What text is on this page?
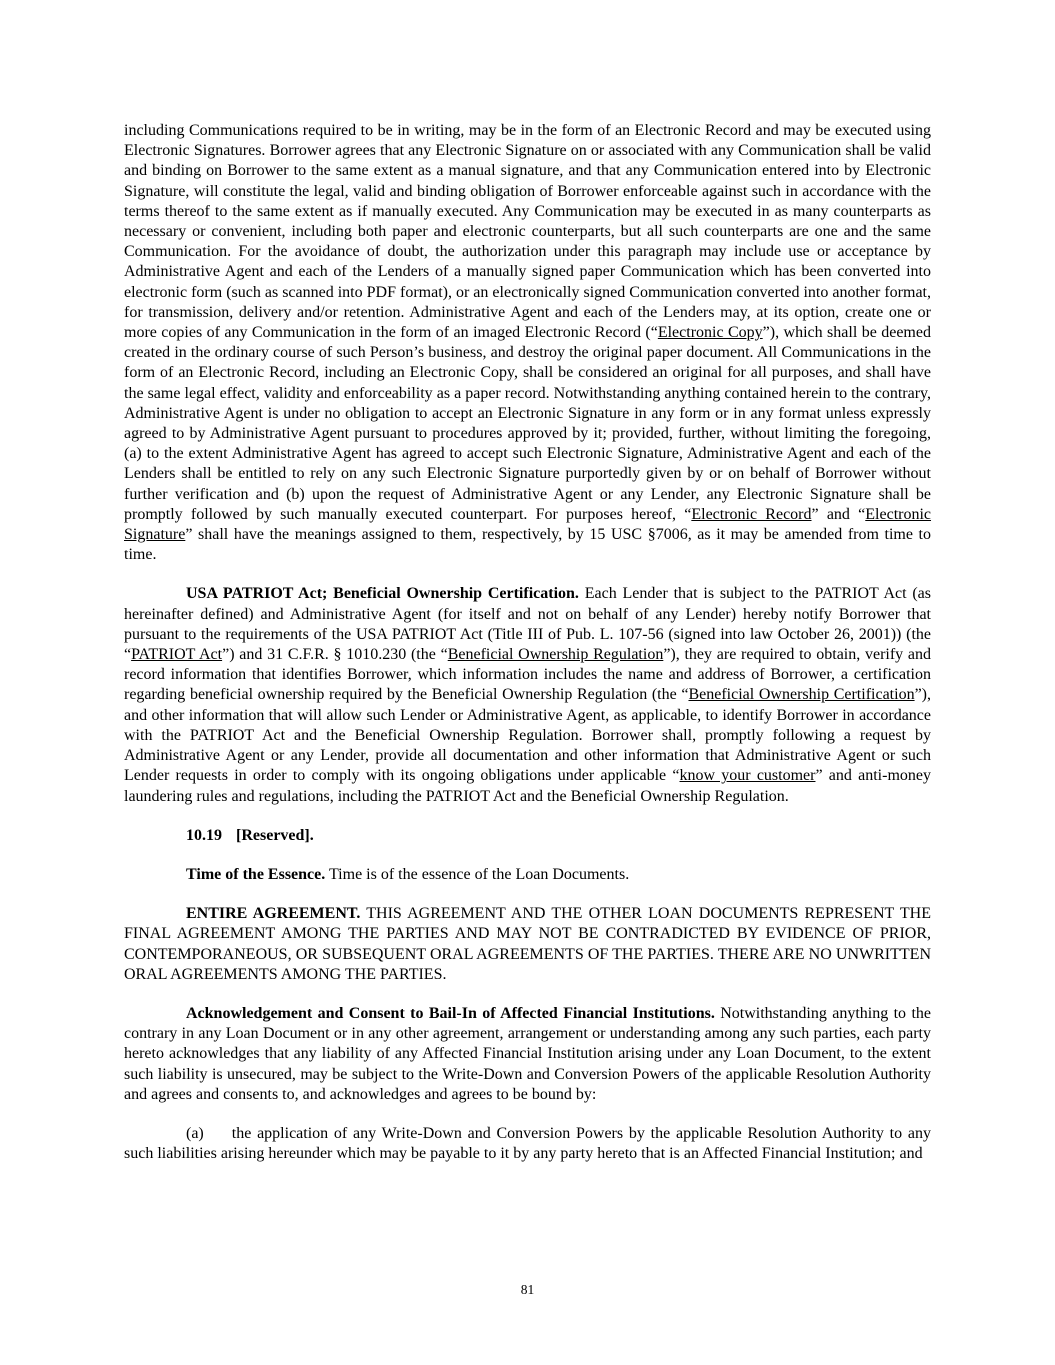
including Communications required to be in writing, may be in the form of an Electronic Record and may be executed using Electronic Signatures. Borrower agrees that any Electronic Signature on or associated with any Communication shall be valid and binding on Borrower to the same extent as a manual signature, and that any Communication entered into by Electronic Signature, will constitute the legal, valid and binding obligation of Borrower enforceable against such in accordance with the terms thereof to the same extent as if manually executed. Any Communication may be executed in as many counterparts as necessary or convenient, including both paper and electronic counterparts, but all such counterparts are one and the same Communication. For the avoidance of doubt, the authorization under this paragraph may include use or acceptance by Administrative Agent and each of the Lenders of a manually signed paper Communication which has been converted into electronic form (such as scanned into PDF format), or an electronically signed Communication converted into another format, for transmission, delivery and/or retention. Administrative Agent and each of the Lenders may, at its option, create one or more copies of any Communication in the form of an imaged Electronic Record (“Electronic Copy”), which shall be deemed created in the ordinary course of such Person’s business, and destroy the original paper document. All Communications in the form of an Electronic Record, including an Electronic Copy, shall be considered an original for all purposes, and shall have the same legal effect, validity and enforceability as a paper record. Notwithstanding anything contained herein to the contrary, Administrative Agent is under no obligation to accept an Electronic Signature in any form or in any format unless expressly agreed to by Administrative Agent pursuant to procedures approved by it; provided, further, without limiting the foregoing, (a) to the extent Administrative Agent has agreed to accept such Electronic Signature, Administrative Agent and each of the Lenders shall be entitled to rely on any such Electronic Signature purportedly given by or on behalf of Borrower without further verification and (b) upon the request of Administrative Agent or any Lender, any Electronic Signature shall be promptly followed by such manually executed counterpart. For purposes hereof, “Electronic Record” and “Electronic Signature” shall have the meanings assigned to them, respectively, by 15 USC §7006, as it may be amended from time to time.

USA PATRIOT Act; Beneficial Ownership Certification. Each Lender that is subject to the PATRIOT Act (as hereinafter defined) and Administrative Agent (for itself and not on behalf of any Lender) hereby notify Borrower that pursuant to the requirements of the USA PATRIOT Act (Title III of Pub. L. 107-56 (signed into law October 26, 2001)) (the “PATRIOT Act”) and 31 C.F.R. § 1010.230 (the “Beneficial Ownership Regulation”), they are required to obtain, verify and record information that identifies Borrower, which information includes the name and address of Borrower, a certification regarding beneficial ownership required by the Beneficial Ownership Regulation (the “Beneficial Ownership Certification”), and other information that will allow such Lender or Administrative Agent, as applicable, to identify Borrower in accordance with the PATRIOT Act and the Beneficial Ownership Regulation. Borrower shall, promptly following a request by Administrative Agent or any Lender, provide all documentation and other information that Administrative Agent or such Lender requests in order to comply with its ongoing obligations under applicable “know your customer” and anti-money laundering rules and regulations, including the PATRIOT Act and the Beneficial Ownership Regulation.

10.19 [Reserved].

Time of the Essence. Time is of the essence of the Loan Documents.

ENTIRE AGREEMENT. THIS AGREEMENT AND THE OTHER LOAN DOCUMENTS REPRESENT THE FINAL AGREEMENT AMONG THE PARTIES AND MAY NOT BE CONTRADICTED BY EVIDENCE OF PRIOR, CONTEMPORANEOUS, OR SUBSEQUENT ORAL AGREEMENTS OF THE PARTIES. THERE ARE NO UNWRITTEN ORAL AGREEMENTS AMONG THE PARTIES.

Acknowledgement and Consent to Bail-In of Affected Financial Institutions. Notwithstanding anything to the contrary in any Loan Document or in any other agreement, arrangement or understanding among any such parties, each party hereto acknowledges that any liability of any Affected Financial Institution arising under any Loan Document, to the extent such liability is unsecured, may be subject to the Write-Down and Conversion Powers of the applicable Resolution Authority and agrees and consents to, and acknowledges and agrees to be bound by:

(a) the application of any Write-Down and Conversion Powers by the applicable Resolution Authority to any such liabilities arising hereunder which may be payable to it by any party hereto that is an Affected Financial Institution; and

81
